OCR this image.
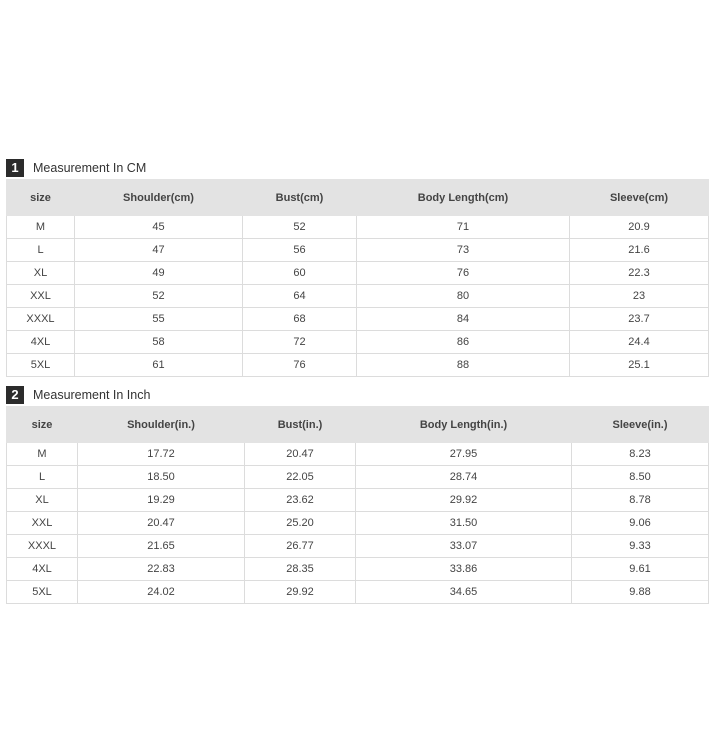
1	Measurement In CM
size	Shoulder(cm)	Bust(cm)	Body Length(cm)	Sleeve(cm)
M	45	52	71	20.9
L	47	56	73	21.6
XL	49	60	76	22.3
XXL	52	64	80	23
XXXL	55	68	84	23.7
4XL	58	72	86	24.4
5XL	61	76	88	25.1
2	Measurement In Inch
size	Shoulder(in.)	Bust(in.)	Body Length(in.)	Sleeve(in.)
M	17.72	20.47	27.95	8.23
L	18.50	22.05	28.74	8.50
XL	19.29	23.62	29.92	8.78
XXL	20.47	25.20	31.50	9.06
XXXL	21.65	26.77	33.07	9.33
4XL	22.83	28.35	33.86	9.61
5XL	24.02	29.92	34.65	9.88
